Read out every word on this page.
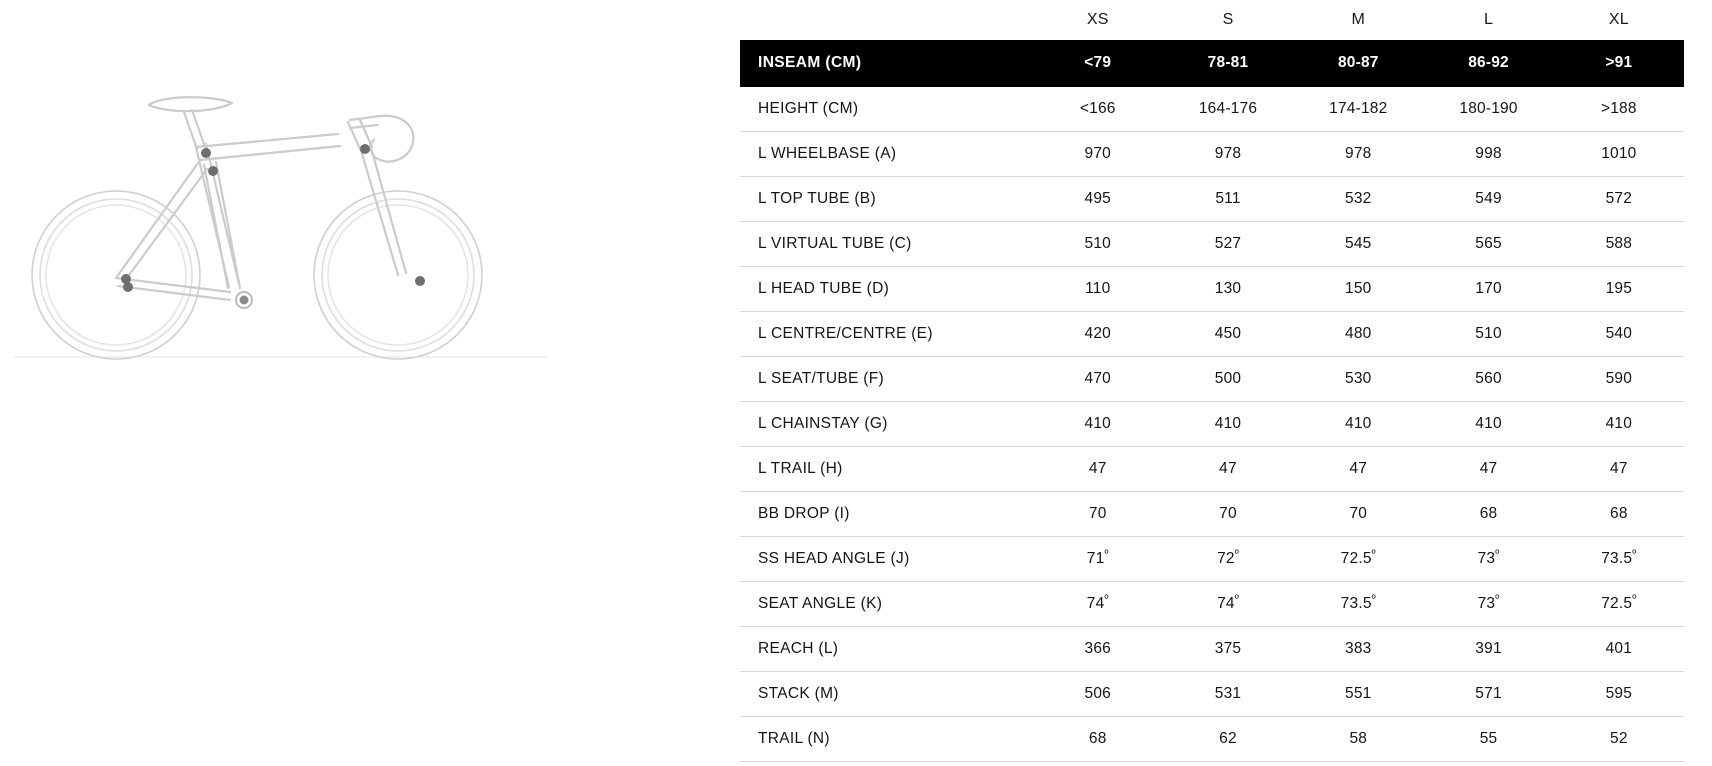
	XS	S	M	L	XL
INSEAM (CM)	<79	78-81	80-87	86-92	>91
HEIGHT (CM)	<166	164-176	174-182	180-190	>188
L WHEELBASE (A)	970	978	978	998	1010
L TOP TUBE (B)	495	511	532	549	572
L VIRTUAL TUBE (C)	510	527	545	565	588
L HEAD TUBE (D)	110	130	150	170	195
L CENTRE/CENTRE (E)	420	450	480	510	540
L SEAT/TUBE (F)	470	500	530	560	590
L CHAINSTAY (G)	410	410	410	410	410
L TRAIL (H)	47	47	47	47	47
BB DROP (I)	70	70	70	68	68
SS HEAD ANGLE (J)	$71^º$	$72^º$	$72.5^º$	$73^º$	$73.5^º$
SEAT ANGLE (K)	$74^º$	$74^º$	$73.5^º$	$73^º$	$72.5^º$
REACH (L)	366	375	383	391	401
STACK (M)	506	531	551	571	595
TRAIL (N)	68	62	58	55	52
